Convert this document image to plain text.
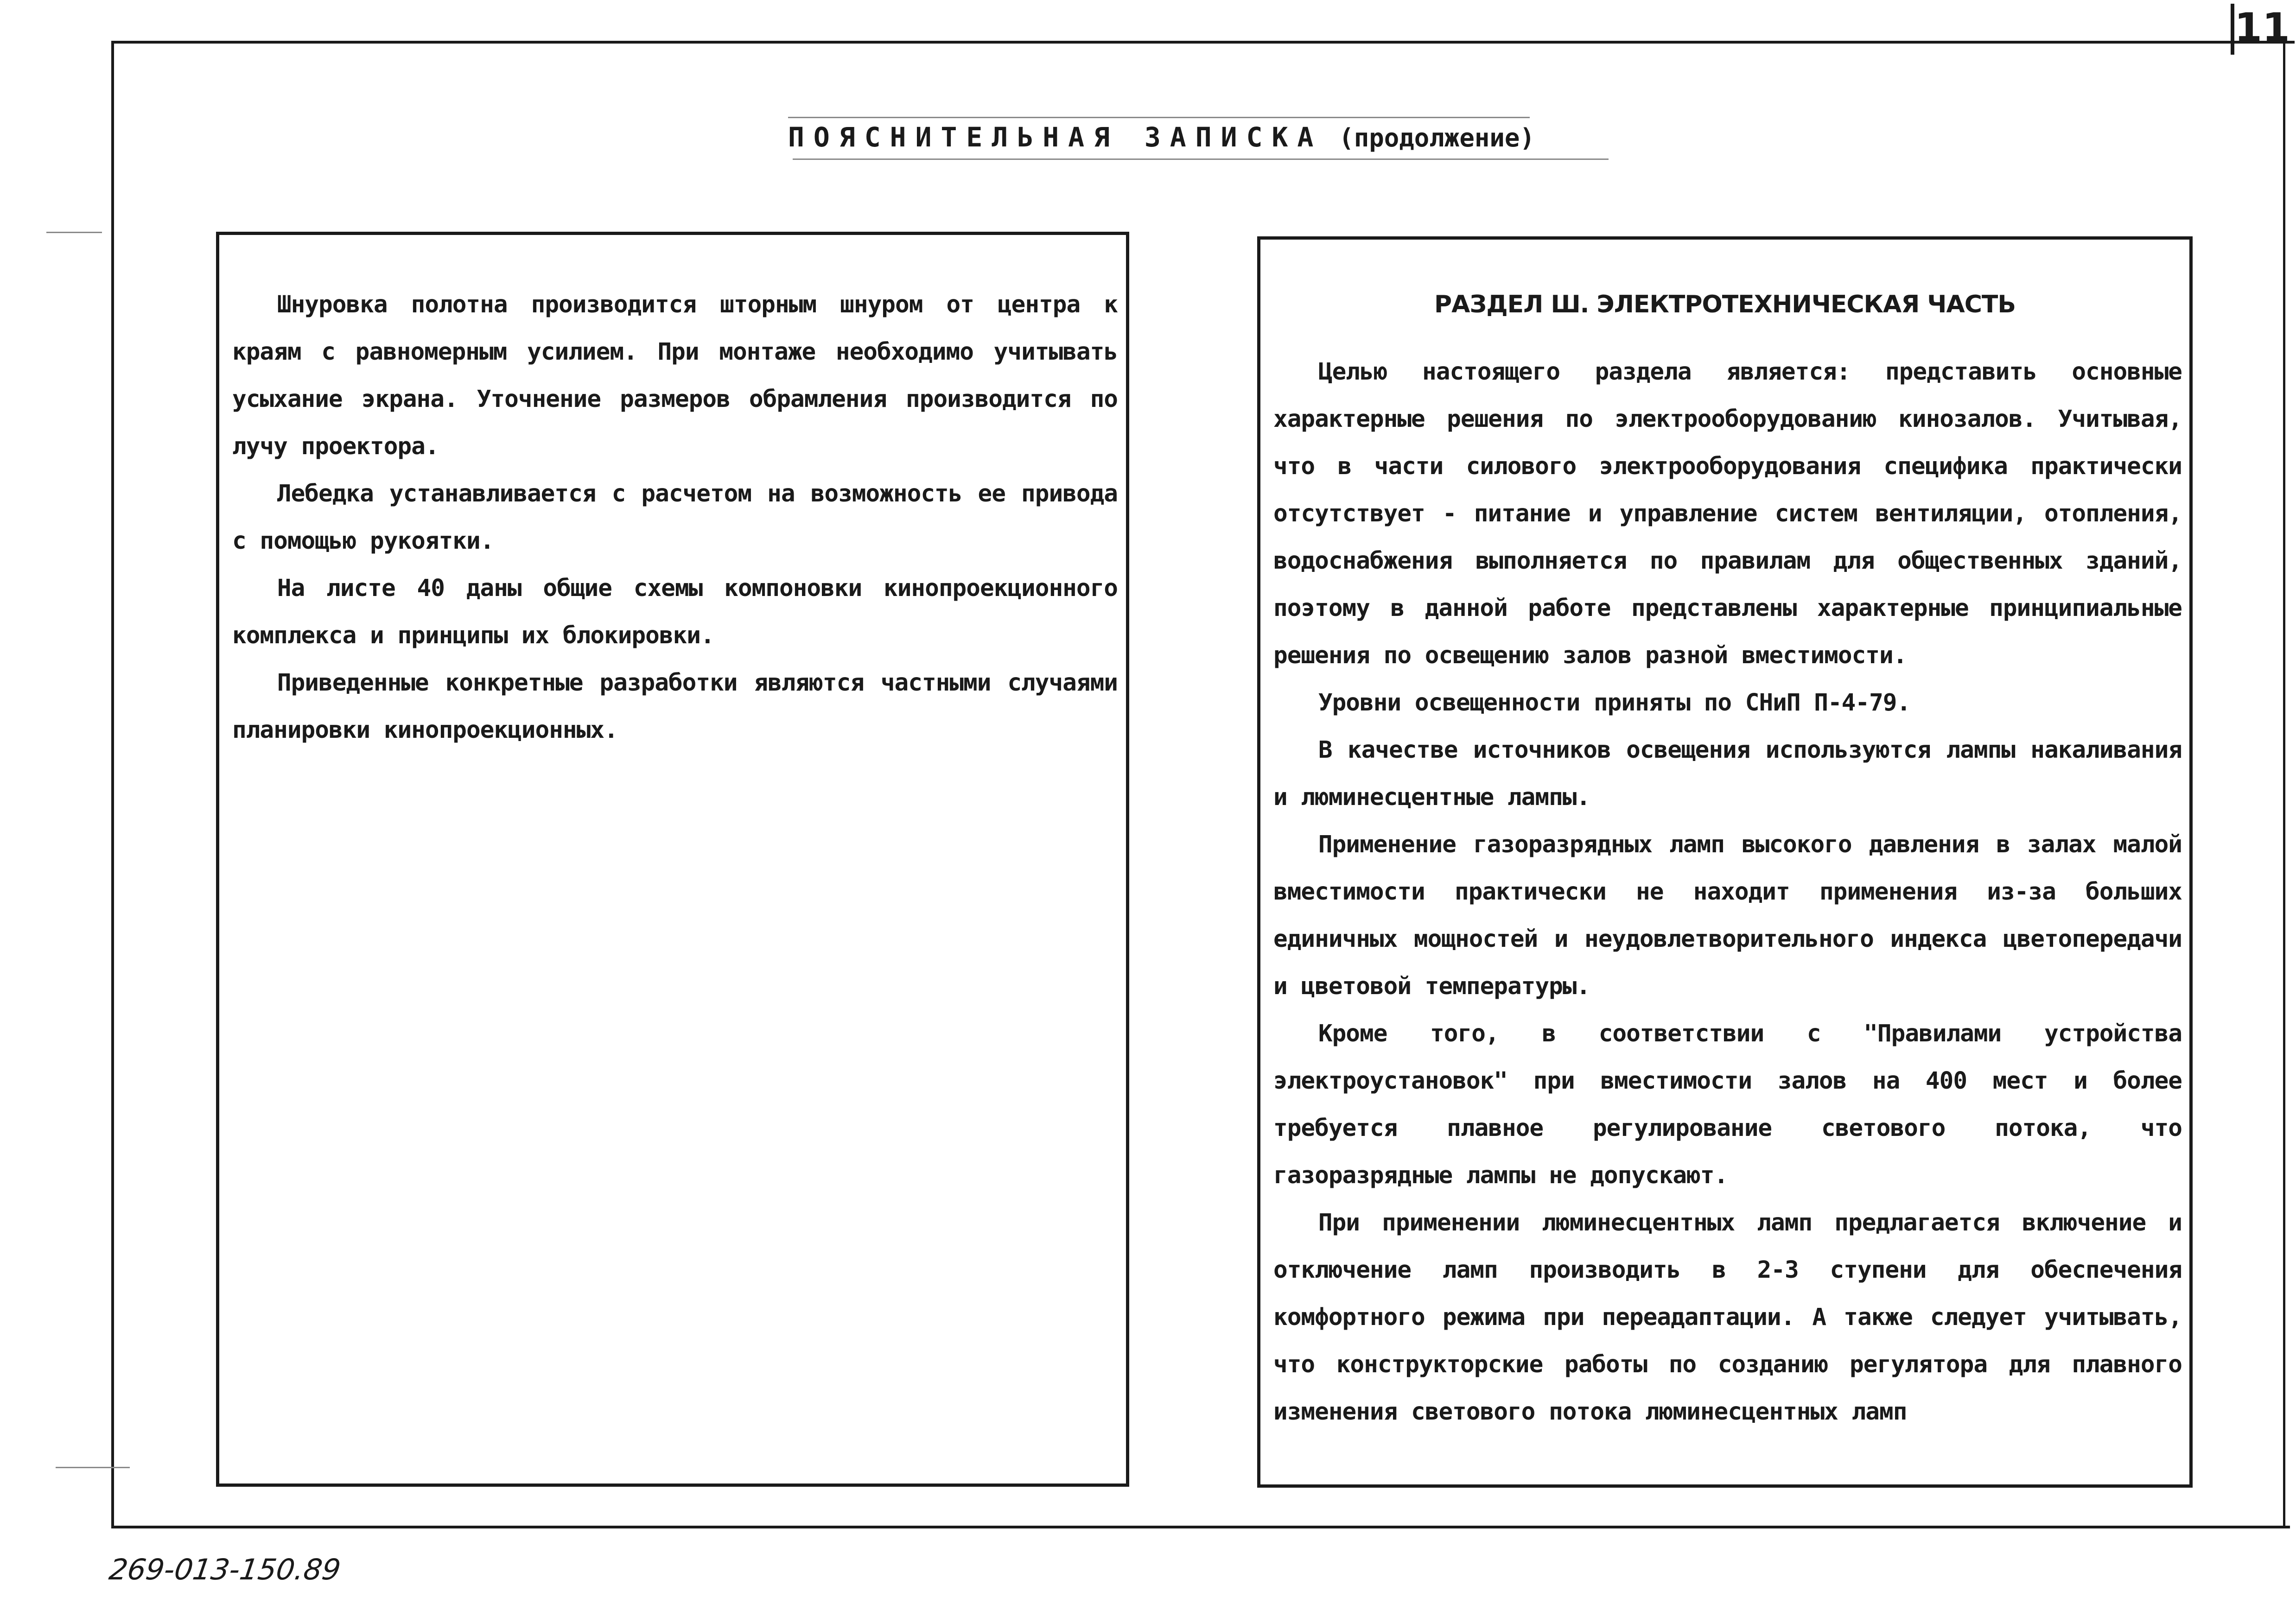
11
ПОЯСНИТЕЛЬНАЯ ЗАПИСКА (продолжение)

Шнуровка полотна производится шторным шнуром от центра к краям с равномерным усилием. При монтаже необходимо учитывать усыхание экрана. Уточнение размеров обрамления производится по лучу проектора.

Лебедка устанавливается с расчетом на возможность ее привода с помощью рукоятки.

На листе 40 даны общие схемы компоновки кинопроекционного комплекса и принципы их блокировки.

Приведенные конкретные разработки являются частными случаями планировки кинопроекционных.

РАЗДЕЛ Ш. ЭЛЕКТРОТЕХНИЧЕСКАЯ ЧАСТЬ

Целью настоящего раздела является: представить основные характерные решения по электрооборудованию кинозалов. Учитывая, что в части силового электрооборудования специфика практически отсутствует - питание и управление систем вентиляции, отопления, водоснабжения выполняется по правилам для общественных зданий, поэтому в данной работе представлены характерные принципиальные решения по освещению залов разной вместимости.

Уровни освещенности приняты по СНиП П-4-79.

В качестве источников освещения используются лампы накаливания и люминесцентные лампы.

Применение газоразрядных ламп высокого давления в залах малой вместимости практически не находит применения из-за больших единичных мощностей и неудовлетворительного индекса цветопередачи и цветовой температуры.

Кроме того, в соответствии с "Правилами устройства электроустановок" при вместимости залов на 400 мест и более требуется плавное регулирование светового потока, что газоразрядные лампы не допускают.

При применении люминесцентных ламп предлагается включение и отключение ламп производить в 2-3 ступени для обеспечения комфортного режима при переадаптации. А также следует учитывать, что конструкторские работы по созданию регулятора для плавного изменения светового потока люминесцентных ламп

269-013-150.89
